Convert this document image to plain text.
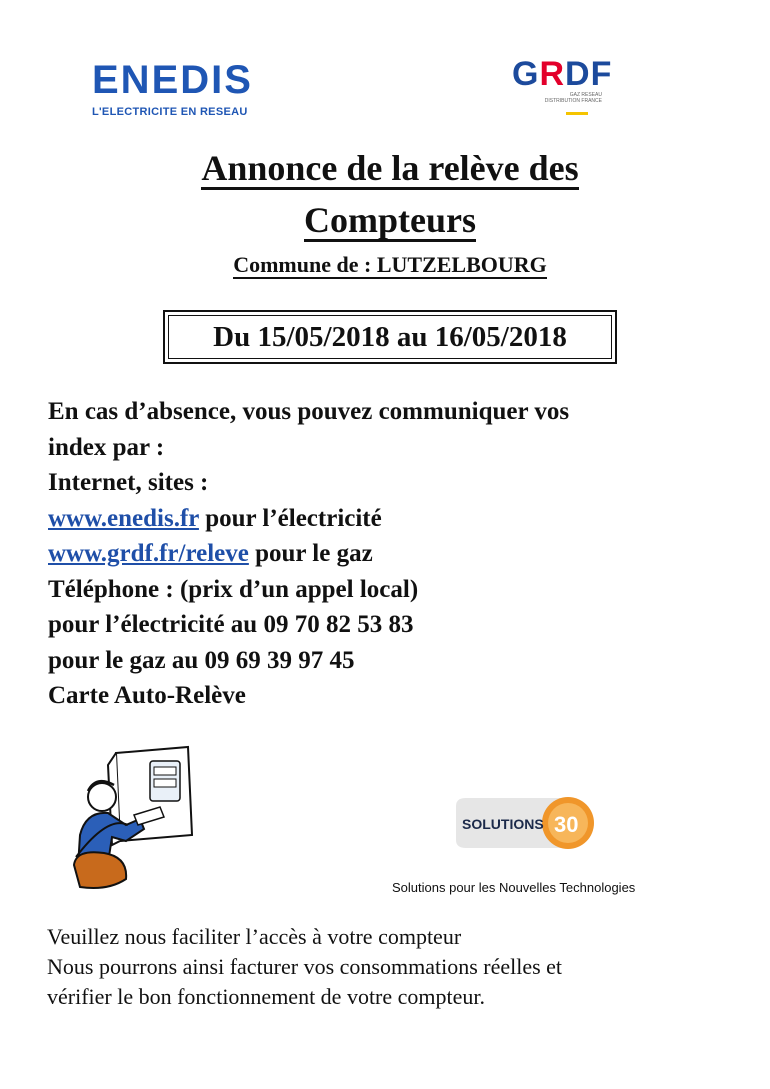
ENEDIS
L'ELECTRICITE EN RESEAU
GRDF
GAZ RESEAU
DISTRIBUTION FRANCE
Annonce de la relève des
Compteurs
Commune de : LUTZELBOURG
Du 15/05/2018 au 16/05/2018
En cas d’absence, vous pouvez communiquer vos
index par :
Internet, sites :
www.enedis.fr pour l’électricité
www.grdf.fr/releve pour le gaz
Téléphone : (prix d’un appel local)
pour l’électricité au 09 70 82 53 83
pour le gaz au 09 69 39 97 45
Carte Auto-Relève
SOLUTIONS 30
Solutions pour les Nouvelles Technologies
Veuillez nous faciliter l’accès à votre compteur
Nous pourrons ainsi facturer vos consommations réelles et
vérifier le bon fonctionnement de votre compteur.
